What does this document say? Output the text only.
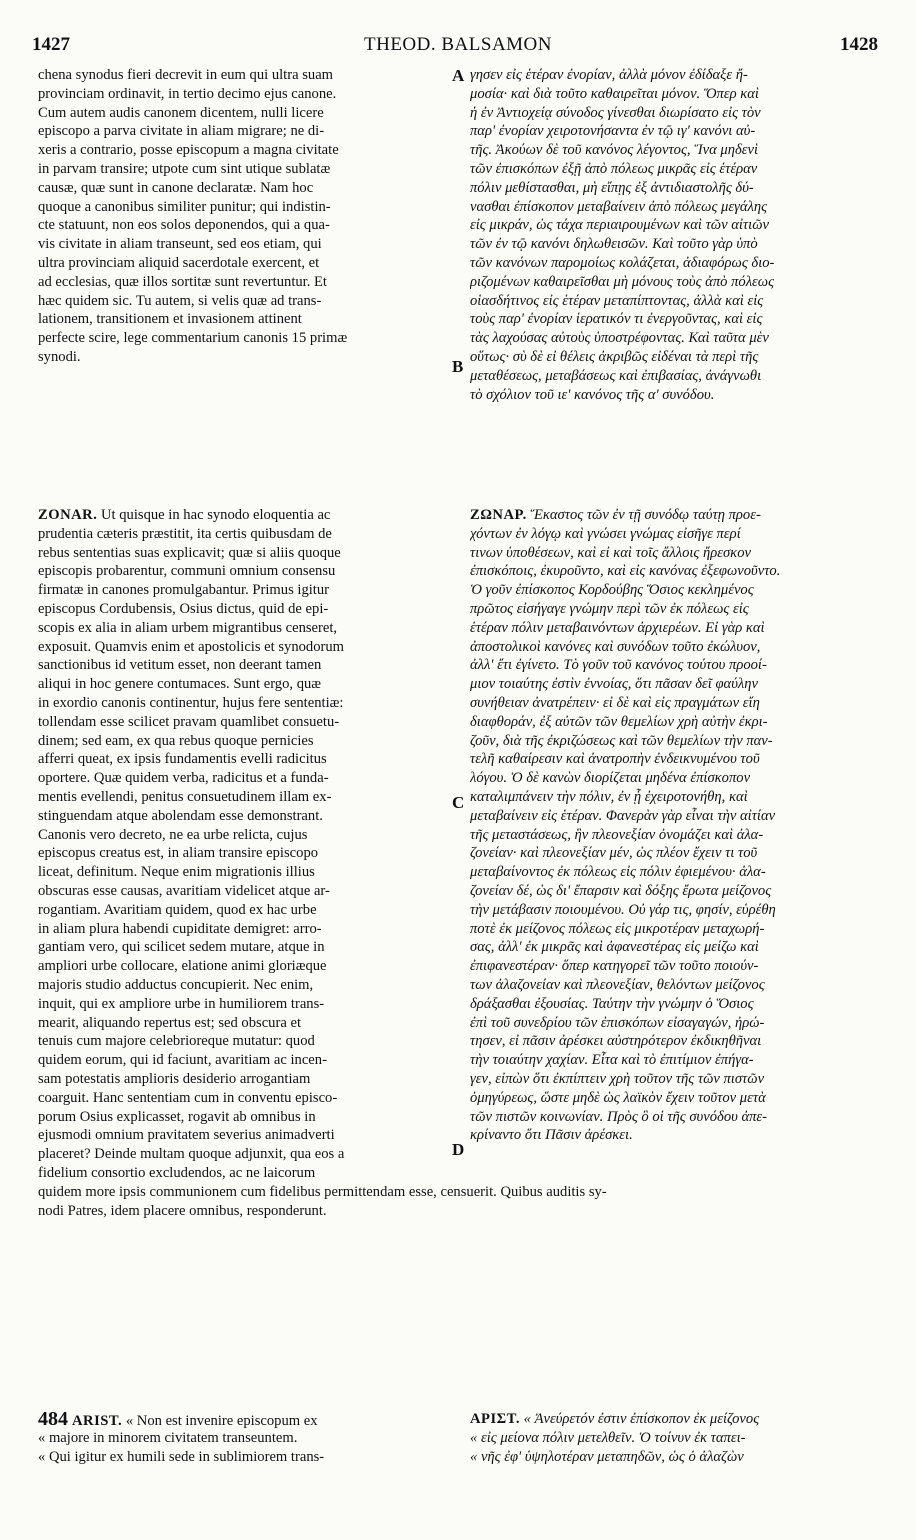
1427	THEOD. BALSAMON	1428
A
B
C
D
chena synodus fieri decrevit in eum qui ultra suam
provinciam ordinavit, in tertio decimo ejus canone.
Cum autem audis canonem dicentem, nulli licere
episcopo a parva civitate in aliam migrare; ne di-
xeris a contrario, posse episcopum a magna civitate
in parvam transire; utpote cum sint utique sublatæ
causæ, quæ sunt in canone declaratæ. Nam hoc
quoque a canonibus similiter punitur; qui indistin-
cte statuunt, non eos solos deponendos, qui a qua-
vis civitate in aliam transeunt, sed eos etiam, qui
ultra provinciam aliquid sacerdotale exercent, et
ad ecclesias, quæ illos sortitæ sunt revertuntur. Et
hæc quidem sic. Tu autem, si velis quæ ad trans-
lationem, transitionem et invasionem attinent
perfecte scire, lege commentarium canonis 15 primæ
synodi.
γησεν εἰς ἑτέραν ἐνορίαν, ἀλλὰ μόνον ἐδίδαξε ἤ-
μοσία· καὶ διὰ τοῦτο καθαιρεῖται μόνον. Ὅπερ καὶ
ἡ ἐν Ἀντιοχείᾳ σύνοδος γίνεσθαι διωρίσατο εἰς τὸν
παρ' ἐνορίαν χειροτονήσαντα ἐν τῷ ιγ' κανόνι αὐ-
τῆς. Ἀκούων δὲ τοῦ κανόνος λέγοντος, Ἵνα μηδενὶ
τῶν ἐπισκόπων ἐξῇ ἀπὸ πόλεως μικρᾶς εἰς ἑτέραν
πόλιν μεθίστασθαι, μὴ εἴπῃς ἐξ ἀντιδιαστολῆς δύ-
νασθαι ἐπίσκοπον μεταβαίνειν ἀπὸ πόλεως μεγάλης
εἰς μικράν, ὡς τάχα περιαιρουμένων καὶ τῶν αἰτιῶν
τῶν ἐν τῷ κανόνι δηλωθεισῶν. Καὶ τοῦτο γὰρ ὑπὸ
τῶν κανόνων παρομοίως κολάζεται, ἀδιαφόρως διο-
ριζομένων καθαιρεῖσθαι μὴ μόνους τοὺς ἀπὸ πόλεως
οἱασδήτινος εἰς ἑτέραν μεταπίπτοντας, ἀλλὰ καὶ εἰς
τοὺς παρ' ἐνορίαν ἱερατικόν τι ἐνεργοῦντας, καὶ εἰς
τὰς λαχούσας αὐτοὺς ὑποστρέφοντας. Καὶ ταῦτα μὲν
οὕτως· σὺ δὲ εἰ θέλεις ἀκριβῶς εἰδέναι τὰ περὶ τῆς
μεταθέσεως, μεταβάσεως καὶ ἐπιβασίας, ἀνάγνωθι
τὸ σχόλιον τοῦ ιε' κανόνος τῆς α' συνόδου.
ZONAR. Ut quisque in hac synodo eloquentia ac
prudentia cæteris præstitit, ita certis quibusdam de
rebus sententias suas explicavit; quæ si aliis quoque
episcopis probarentur, communi omnium consensu
firmatæ in canones promulgabantur. Primus igitur
episcopus Cordubensis, Osius dictus, quid de epi-
scopis ex alia in aliam urbem migrantibus censeret,
exposuit. Quamvis enim et apostolicis et synodorum
sanctionibus id vetitum esset, non deerant tamen
aliqui in hoc genere contumaces. Sunt ergo, quæ
in exordio canonis continentur, hujus fere sententiæ:
tollendam esse scilicet pravam quamlibet consuetu-
dinem; sed eam, ex qua rebus quoque pernicies
afferri queat, ex ipsis fundamentis evelli radicitus
oportere. Quæ quidem verba, radicitus et a funda-
mentis evellendi, penitus consuetudinem illam ex-
stinguendam atque abolendam esse demonstrant.
Canonis vero decreto, ne ea urbe relicta, cujus
episcopus creatus est, in aliam transire episcopo
liceat, definitum. Neque enim migrationis illius
obscuras esse causas, avaritiam videlicet atque ar-
rogantiam. Avaritiam quidem, quod ex hac urbe
in aliam plura habendi cupiditate demigret: arro-
gantiam vero, qui scilicet sedem mutare, atque in
ampliori urbe collocare, elatione animi gloriæque
majoris studio adductus concupierit. Nec enim,
inquit, qui ex ampliore urbe in humiliorem trans-
mearit, aliquando repertus est; sed obscura et
tenuis cum majore celebrioreque mutatur: quod
quidem eorum, qui id faciunt, avaritiam ac incen-
sam potestatis amplioris desiderio arrogantiam
coarguit. Hanc sententiam cum in conventu episco-
porum Osius explicasset, rogavit ab omnibus in
ejusmodi omnium pravitatem severius animadverti
placeret? Deinde multam quoque adjunxit, qua eos a
ΖΩΝΑΡ. Ἕκαστος τῶν ἐν τῇ συνόδῳ ταύτῃ προε-
χόντων ἐν λόγῳ καὶ γνώσει γνώμας εἰσῆγε περί
τινων ὑποθέσεων, καὶ εἰ καὶ τοῖς ἄλλοις ἤρεσκον
ἐπισκόποις, ἐκυροῦντο, καὶ εἰς κανόνας ἐξεφωνοῦντο.
Ὁ γοῦν ἐπίσκοπος Κορδούβης Ὅσιος κεκλημένος
πρῶτος εἰσήγαγε γνώμην περὶ τῶν ἐκ πόλεως εἰς
ἑτέραν πόλιν μεταβαινόντων ἀρχιερέων. Εἰ γὰρ καὶ
ἀποστολικοὶ κανόνες καὶ συνόδων τοῦτο ἐκώλυον,
ἀλλ' ἔτι ἐγίνετο. Τὸ γοῦν τοῦ κανόνος τούτου προοί-
μιον τοιαύτης ἐστὶν ἐννοίας, ὅτι πᾶσαν δεῖ φαύλην
συνήθειαν ἀνατρέπειν· εἰ δὲ καὶ εἰς πραγμάτων εἴη
διαφθοράν, ἐξ αὐτῶν τῶν θεμελίων χρὴ αὐτὴν ἐκρι-
ζοῦν, διὰ τῆς ἐκριζώσεως καὶ τῶν θεμελίων τὴν παν-
τελῆ καθαίρεσιν καὶ ἀνατροπὴν ἐνδεικνυμένου τοῦ
λόγου. Ὁ δὲ κανὼν διορίζεται μηδένα ἐπίσκοπον
καταλιμπάνειν τὴν πόλιν, ἐν ᾗ ἐχειροτονήθη, καὶ
μεταβαίνειν εἰς ἑτέραν. Φανερὰν γὰρ εἶναι τὴν αἰτίαν
τῆς μεταστάσεως, ἣν πλεονεξίαν ὀνομάζει καὶ ἀλα-
ζονείαν· καὶ πλεονεξίαν μέν, ὡς πλέον ἔχειν τι τοῦ
μεταβαίνοντος ἐκ πόλεως εἰς πόλιν ἐφιεμένου· ἀλα-
ζονείαν δέ, ὡς δι' ἔπαρσιν καὶ δόξης ἔρωτα μείζονος
τὴν μετάβασιν ποιουμένου. Οὐ γάρ τις, φησίν, εὑρέθη
ποτὲ ἐκ μείζονος πόλεως εἰς μικροτέραν μεταχωρή-
σας, ἀλλ' ἐκ μικρᾶς καὶ ἀφανεστέρας εἰς μείζω καὶ
ἐπιφανεστέραν· ὅπερ κατηγορεῖ τῶν τοῦτο ποιούν-
των ἀλαζονείαν καὶ πλεονεξίαν, θελόντων μείζονος
δράξασθαι ἐξουσίας. Ταύτην τὴν γνώμην ὁ Ὅσιος
ἐπὶ τοῦ συνεδρίου τῶν ἐπισκόπων εἰσαγαγών, ἠρώ-
τησεν, εἰ πᾶσιν ἀρέσκει αὐστηρότερον ἐκδικηθῆναι
τὴν τοιαύτην χαχίαν. Εἶτα καὶ τὸ ἐπιτίμιον ἐπήγα-
γεν, εἰπὼν ὅτι ἐκπίπτειν χρὴ τοῦτον τῆς τῶν πιστῶν
ὁμηγύρεως, ὥστε μηδὲ ὡς λαϊκὸν ἔχειν τοῦτον μετὰ
τῶν πιστῶν κοινωνίαν. Πρὸς ὃ οἱ τῆς συνόδου ἀπε-
κρίναντο ὅτι Πᾶσιν ἀρέσκει.
fidelium consortio excludendos, ac ne laicorum
quidem more ipsis communionem cum fidelibus permittendam esse, censuerit. Quibus auditis sy-
nodi Patres, idem placere omnibus, responderunt.
484 ARIST. « Non est invenire episcopum ex
« majore in minorem civitatem transeuntem.
« Qui igitur ex humili sede in sublimiorem trans-
ΑΡΙΣΤ. « Ἀνεύρετόν ἐστιν ἐπίσκοπον ἐκ μείζονος
« εἰς μείονα πόλιν μετελθεῖν. Ὁ τοίνυν ἐκ ταπει-
« νῆς ἐφ' ὑψηλοτέραν μεταπηδῶν, ὡς ὁ ἀλαζὼν
